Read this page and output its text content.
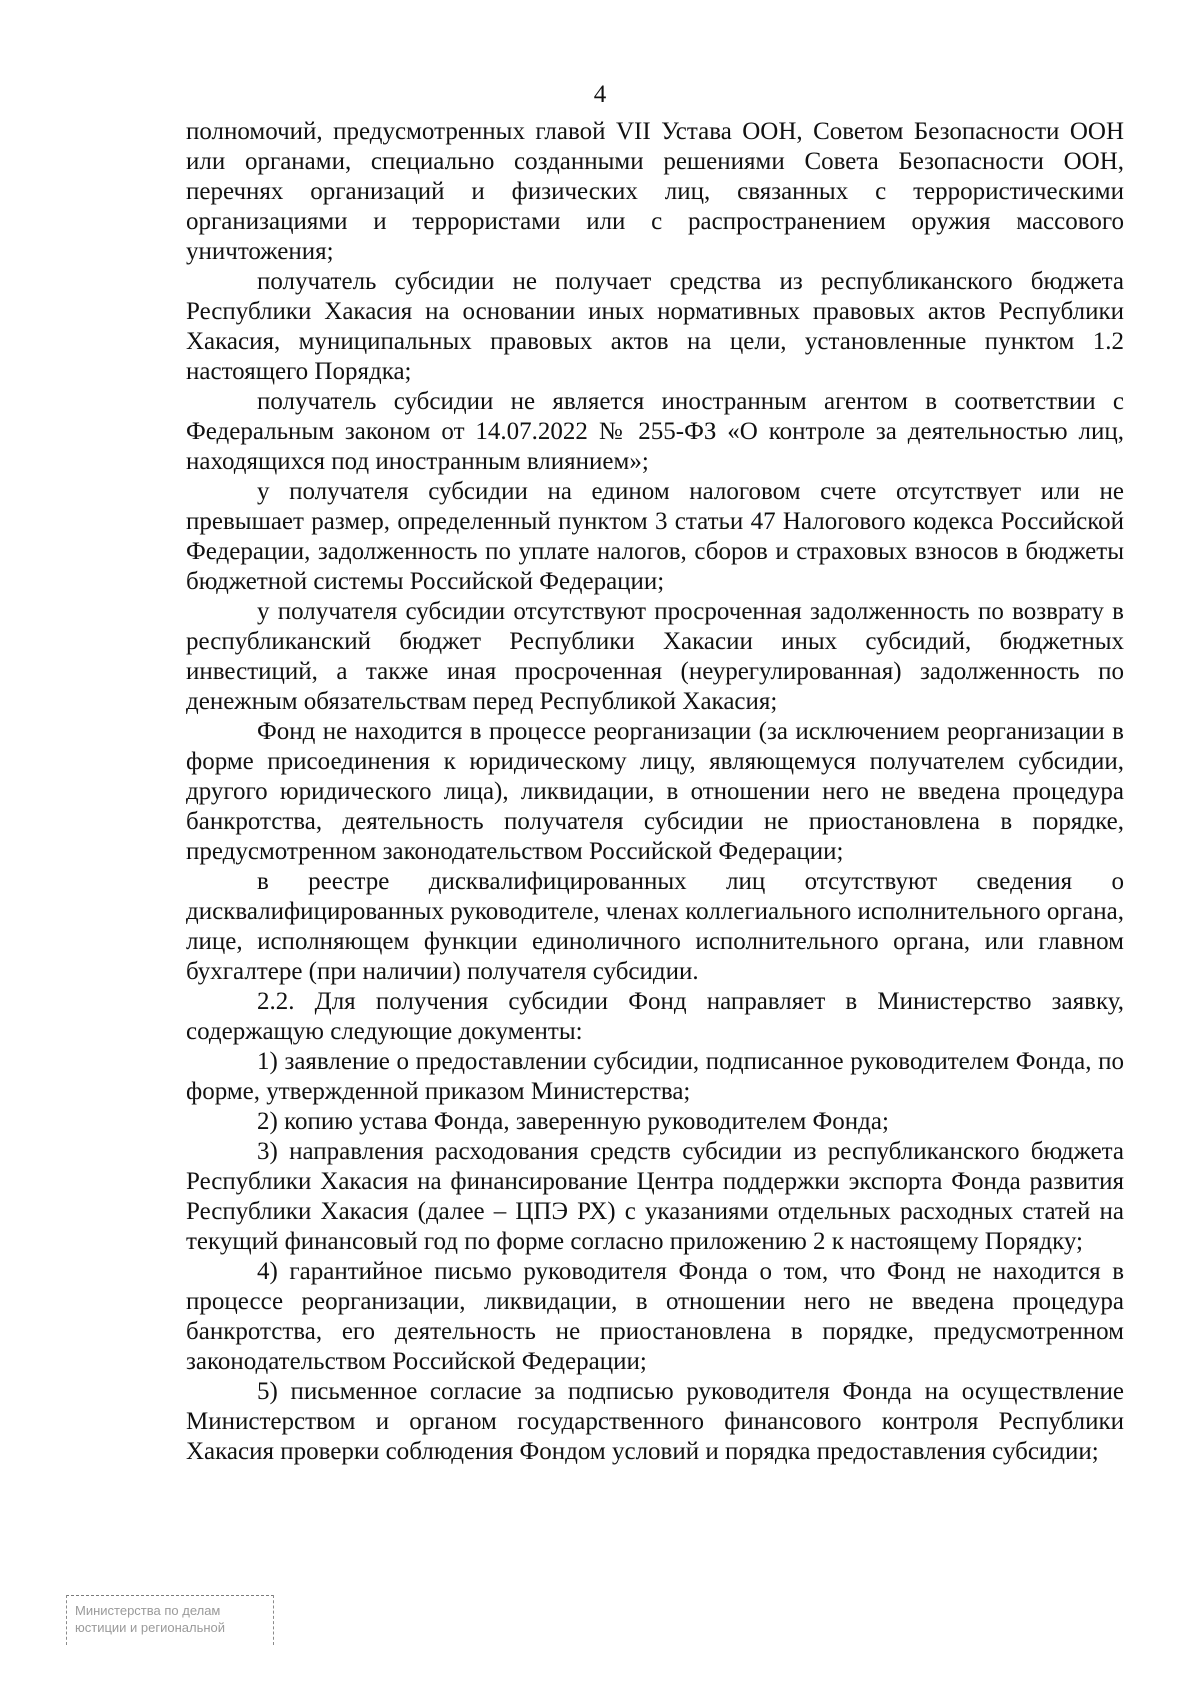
4

полномочий, предусмотренных главой VII Устава ООН, Советом Безопасности ООН или органами, специально созданными решениями Совета Безопасности ООН, перечнях организаций и физических лиц, связанных с террористическими организациями и террористами или с распространением оружия массового уничтожения;

получатель субсидии не получает средства из республиканского бюджета Республики Хакасия на основании иных нормативных правовых актов Республики Хакасия, муниципальных правовых актов на цели, установленные пунктом 1.2 настоящего Порядка;

получатель субсидии не является иностранным агентом в соответствии с Федеральным законом от 14.07.2022 № 255-ФЗ «О контроле за деятельностью лиц, находящихся под иностранным влиянием»;

у получателя субсидии на едином налоговом счете отсутствует или не превышает размер, определенный пунктом 3 статьи 47 Налогового кодекса Российской Федерации, задолженность по уплате налогов, сборов и страховых взносов в бюджеты бюджетной системы Российской Федерации;

у получателя субсидии отсутствуют просроченная задолженность по возврату в республиканский бюджет Республики Хакасии иных субсидий, бюджетных инвестиций, а также иная просроченная (неурегулированная) задолженность по денежным обязательствам перед Республикой Хакасия;

Фонд не находится в процессе реорганизации (за исключением реорганизации в форме присоединения к юридическому лицу, являющемуся получателем субсидии, другого юридического лица), ликвидации, в отношении него не введена процедура банкротства, деятельность получателя субсидии не приостановлена в порядке, предусмотренном законодательством Российской Федерации;

в реестре дисквалифицированных лиц отсутствуют сведения о дисквалифицированных руководителе, членах коллегиального исполнительного органа, лице, исполняющем функции единоличного исполнительного органа, или главном бухгалтере (при наличии) получателя субсидии.

2.2. Для получения субсидии Фонд направляет в Министерство заявку, содержащую следующие документы:

1) заявление о предоставлении субсидии, подписанное руководителем Фонда, по форме, утвержденной приказом Министерства;

2) копию устава Фонда, заверенную руководителем Фонда;

3) направления расходования средств субсидии из республиканского бюджета Республики Хакасия на финансирование Центра поддержки экспорта Фонда развития Республики Хакасия (далее – ЦПЭ РХ) с указаниями отдельных расходных статей на текущий финансовый год по форме согласно приложению 2 к настоящему Порядку;

4) гарантийное письмо руководителя Фонда о том, что Фонд не находится в процессе реорганизации, ликвидации, в отношении него не введена процедура банкротства, его деятельность не приостановлена в порядке, предусмотренном законодательством Российской Федерации;

5) письменное согласие за подписью руководителя Фонда на осуществление Министерством и органом государственного финансового контроля Республики Хакасия проверки соблюдения Фондом условий и порядка предоставления субсидии;

Министерства по делам
юстиции и региональной
